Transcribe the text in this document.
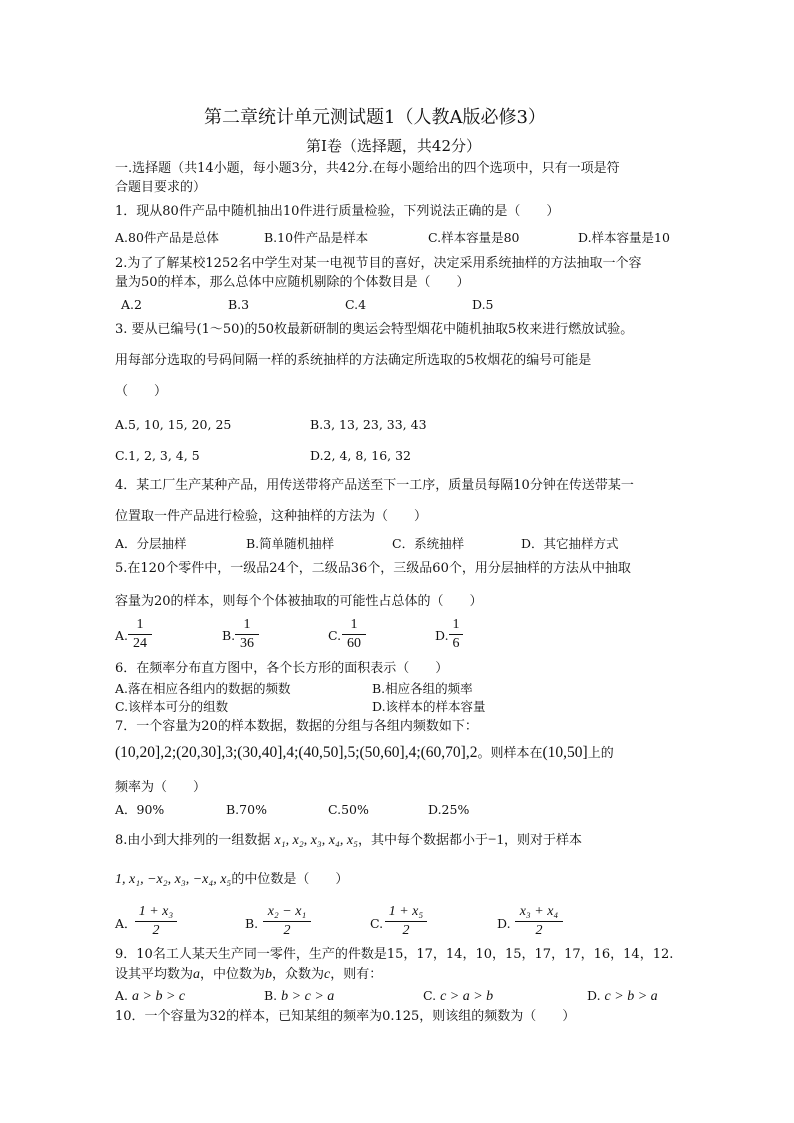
第二章统计单元测试题1（人教A版必修3）
第Ⅰ卷（选择题，共42分）
一.选择题（共14小题，每小题3分，共42分.在每小题给出的四个选项中，只有一项是符
合题目要求的）
1．现从80件产品中随机抽出10件进行质量检验，下列说法正确的是（　　）
A.80件产品是总体	B.10件产品是样本	C.样本容量是80	D.样本容量是10
2.为了了解某校1252名中学生对某一电视节目的喜好，决定采用系统抽样的方法抽取一个容
量为50的样本，那么总体中应随机剔除的个体数目是（　　）
A.2	B.3	C.4	D.5
3. 要从已编号(1～50)的50枚最新研制的奥运会特型烟花中随机抽取5枚来进行燃放试验。
用每部分选取的号码间隔一样的系统抽样的方法确定所选取的5枚烟花的编号可能是
（　　）
A.5, 10, 15, 20, 25	B.3, 13, 23, 33, 43
C.1, 2, 3, 4, 5	D.2, 4, 8, 16, 32
4．某工厂生产某种产品，用传送带将产品送至下一工序，质量员每隔10分钟在传送带某一
位置取一件产品进行检验，这种抽样的方法为（　　）
A．分层抽样	B.简单随机抽样	C．系统抽样	D．其它抽样方式
5.在120个零件中，一级品24个，二级品36个，三级品60个，用分层抽样的方法从中抽取
容量为20的样本，则每个个体被抽取的可能性占总体的（　　）
A.
1
24
B.
1
36
C.
1
60
D.
1
6
6．在频率分布直方图中，各个长方形的面积表示（　　）
A.落在相应各组内的数据的频数	B.相应各组的频率
C.该样本可分的组数	D.该样本的样本容量
7．一个容量为20的样本数据，数据的分组与各组内频数如下：
(10,20],2;(20,30],3;(30,40],4;(40,50],5;(50,60],4;(60,70],2。则样本在(10,50]上的
频率为（　　）
A．90%	B.70%	C.50%	D.25%
8.由小到大排列的一组数据 x₁, x₂, x₃, x₄, x₅，其中每个数据都小于−1，则对于样本
1, x₁, −x₂, x₃, −x₄, x₅的中位数是（　　）
A．
1 + x₃
2	B.
x₂ − x₁
2	C.
1 + x₅
2	D.
x₃ + x₄
2
9．10名工人某天生产同一零件，生产的件数是15，17，14，10，15，17，17，16，14，12.
设其平均数为a，中位数为b，众数为c，则有：
A. a > b > c	B. b > c > a	C. c > a > b	D. c > b > a
10．一个容量为32的样本，已知某组的频率为0.125，则该组的频数为（　　）
